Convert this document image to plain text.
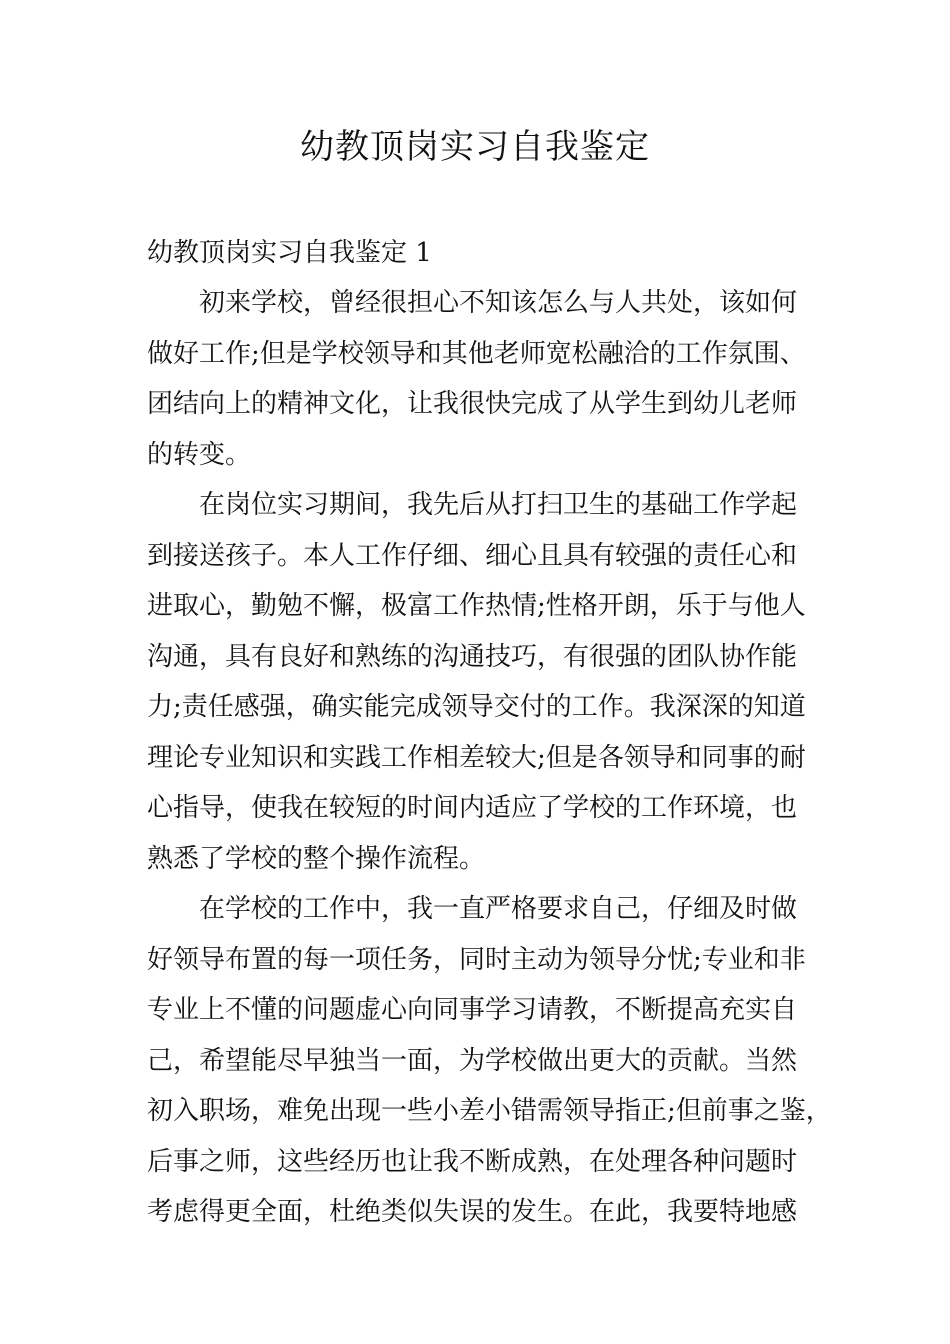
幼教顶岗实习自我鉴定

幼教顶岗实习自我鉴定 1

初来学校，曾经很担心不知该怎么与人共处，该如何
做好工作;但是学校领导和其他老师宽松融洽的工作氛围、
团结向上的精神文化，让我很快完成了从学生到幼儿老师
的转变。

在岗位实习期间，我先后从打扫卫生的基础工作学起
到接送孩子。本人工作仔细、细心且具有较强的责任心和
进取心，勤勉不懈，极富工作热情;性格开朗，乐于与他人
沟通，具有良好和熟练的沟通技巧，有很强的团队协作能
力;责任感强，确实能完成领导交付的工作。我深深的知道
理论专业知识和实践工作相差较大;但是各领导和同事的耐
心指导，使我在较短的时间内适应了学校的工作环境，也
熟悉了学校的整个操作流程。

在学校的工作中，我一直严格要求自己，仔细及时做
好领导布置的每一项任务，同时主动为领导分忧;专业和非
专业上不懂的问题虚心向同事学习请教，不断提高充实自
己，希望能尽早独当一面，为学校做出更大的贡献。当然
初入职场，难免出现一些小差小错需领导指正;但前事之鉴，
后事之师，这些经历也让我不断成熟，在处理各种问题时
考虑得更全面，杜绝类似失误的发生。在此，我要特地感
